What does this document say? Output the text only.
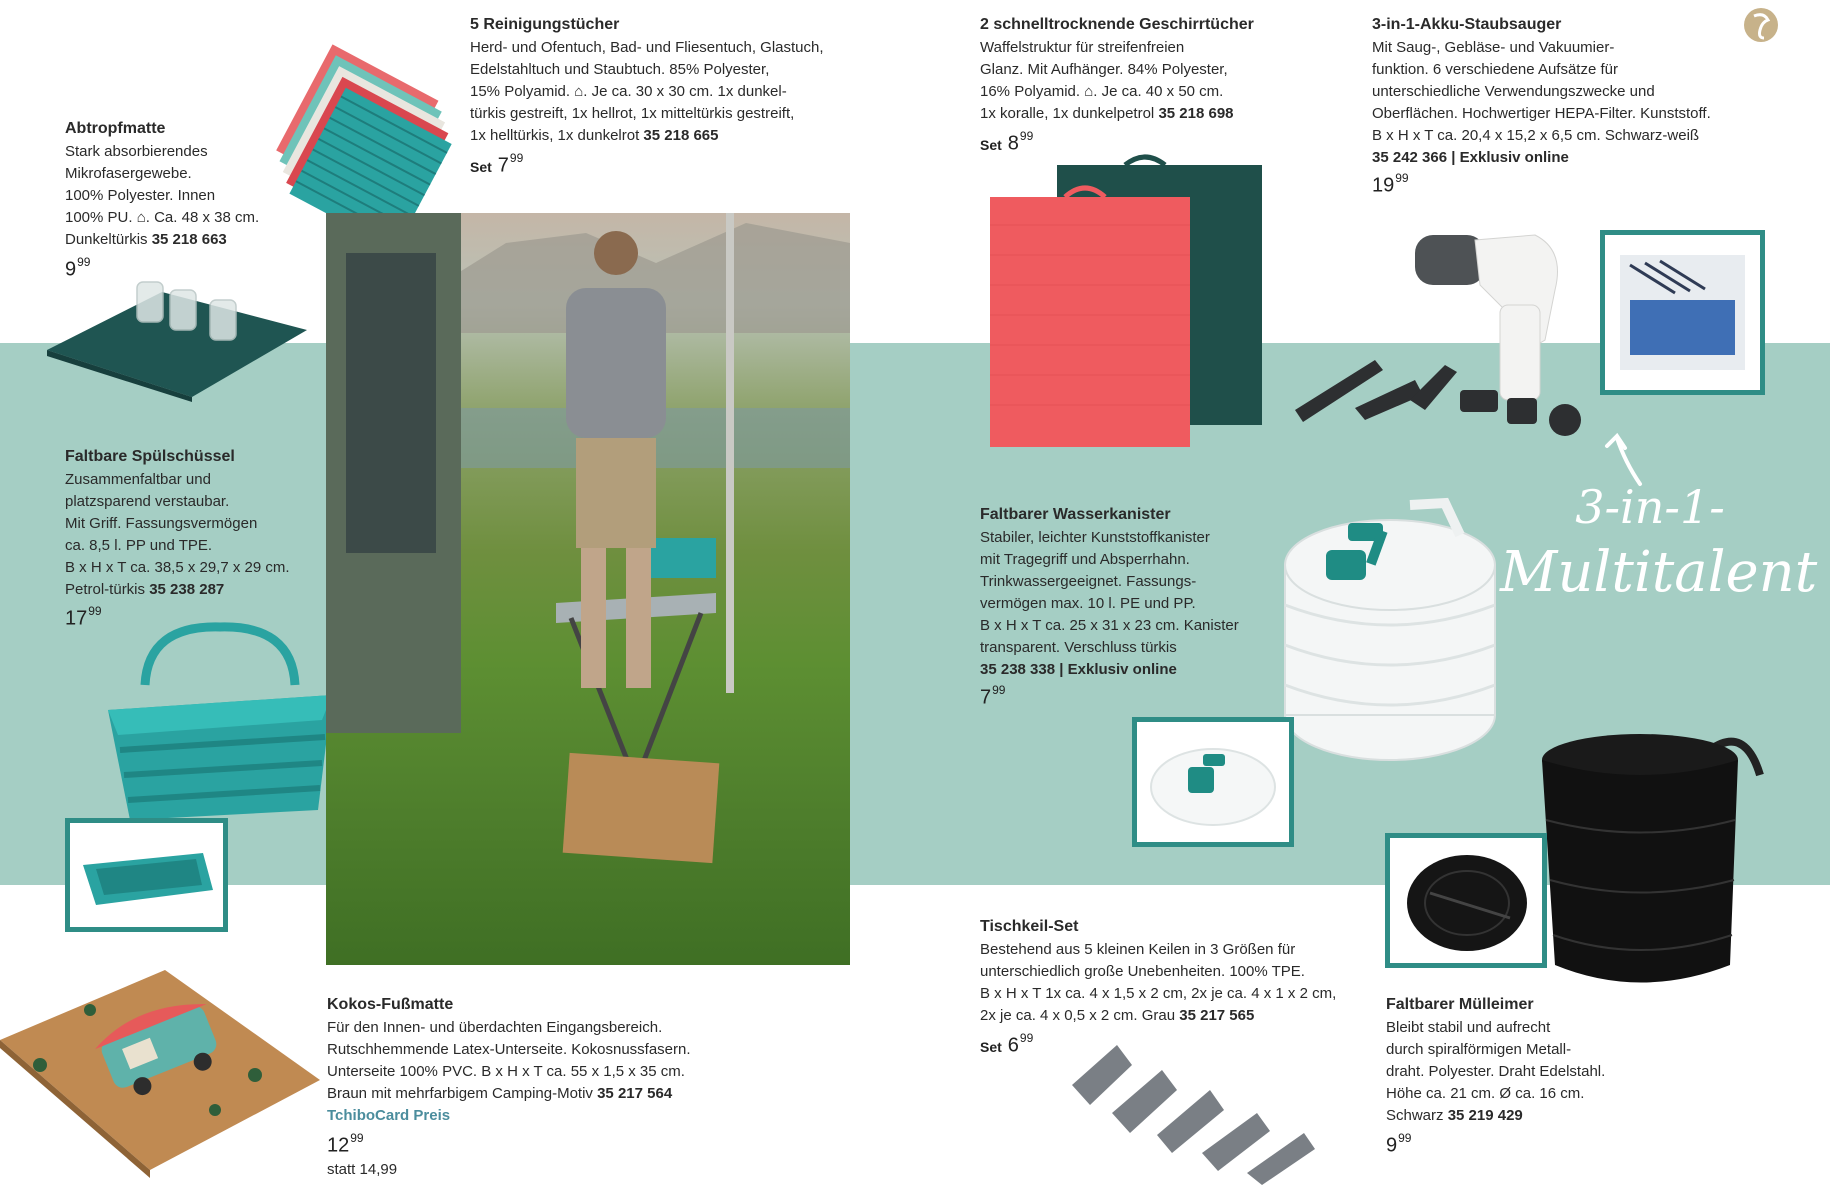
3-in-1-
Multitalent
Abtropfmatte
Stark absorbierendes
Mikrofasergewebe.
100% Polyester. Innen
100% PU. ⌂. Ca. 48 x 38 cm.
Dunkeltürkis 35 218 663
$9^{99}$
Faltbare Spülschüssel
Zusammenfaltbar und
platzsparend verstaubar.
Mit Griff. Fassungsvermögen
ca. 8,5 l. PP und TPE.
B x H x T ca. 38,5 x 29,7 x 29 cm.
Petrol-türkis 35 238 287
$17^{99}$
5 Reinigungstücher
Herd- und Ofentuch, Bad- und Fliesentuch, Glastuch,
Edelstahltuch und Staubtuch. 85% Polyester,
15% Polyamid. ⌂. Je ca. 30 x 30 cm. 1x dunkel-
türkis gestreift, 1x hellrot, 1x mitteltürkis gestreift,
1x helltürkis, 1x dunkelrot 35 218 665
Set $7^{99}$
2 schnelltrocknende Geschirrtücher
Waffelstruktur für streifenfreien
Glanz. Mit Aufhänger. 84% Polyester,
16% Polyamid. ⌂. Je ca. 40 x 50 cm.
1x koralle, 1x dunkelpetrol 35 218 698
Set $8^{99}$
3-in-1-Akku-Staubsauger
Mit Saug-, Gebläse- und Vakuumier-
funktion. 6 verschiedene Aufsätze für
unterschiedliche Verwendungszwecke und
Oberflächen. Hochwertiger HEPA-Filter. Kunststoff.
B x H x T ca. 20,4 x 15,2 x 6,5 cm. Schwarz-weiß
35 242 366 | Exklusiv online
$19^{99}$
Faltbarer Wasserkanister
Stabiler, leichter Kunststoffkanister
mit Tragegriff und Absperrhahn.
Trinkwassergeeignet. Fassungs-
vermögen max. 10 l. PE und PP.
B x H x T ca. 25 x 31 x 23 cm. Kanister
transparent. Verschluss türkis
35 238 338 | Exklusiv online
$7^{99}$
Kokos-Fußmatte
Für den Innen- und überdachten Eingangsbereich.
Rutschhemmende Latex-Unterseite. Kokosnussfasern.
Unterseite 100% PVC. B x H x T ca. 55 x 1,5 x 35 cm.
Braun mit mehrfarbigem Camping-Motiv 35 217 564
TchiboCard Preis
$12^{99}$
statt 14,99
Tischkeil-Set
Bestehend aus 5 kleinen Keilen in 3 Größen für
unterschiedlich große Unebenheiten. 100% TPE.
B x H x T 1x ca. 4 x 1,5 x 2 cm, 2x je ca. 4 x 1 x 2 cm,
2x je ca. 4 x 0,5 x 2 cm. Grau 35 217 565
Set $6^{99}$
Faltbarer Mülleimer
Bleibt stabil und aufrecht
durch spiralförmigen Metall-
draht. Polyester. Draht Edelstahl.
Höhe ca. 21 cm. Ø ca. 16 cm.
Schwarz 35 219 429
$9^{99}$
